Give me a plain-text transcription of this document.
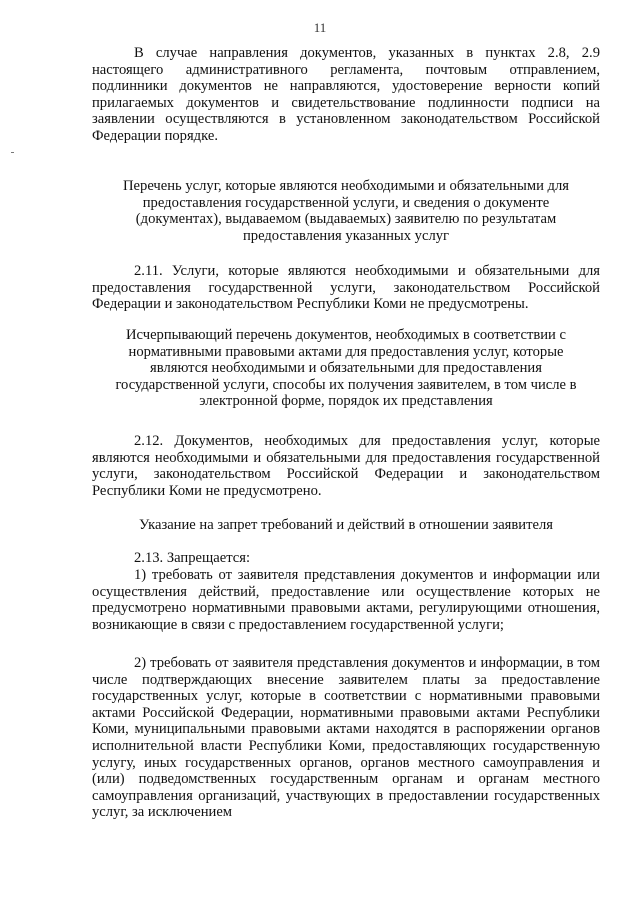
11

В случае направления документов, указанных в пунктах 2.8, 2.9 настоящего административного регламента, почтовым отправлением, подлинники документов не направляются, удостоверение верности копий прилагаемых документов и свидетельствование подлинности подписи на заявлении осуществляются в установленном законодательством Российской Федерации порядке.

Перечень услуг, которые являются необходимыми и обязательными для предоставления государственной услуги, и сведения о документе (документах), выдаваемом (выдаваемых) заявителю по результатам предоставления указанных услуг

2.11. Услуги, которые являются необходимыми и обязательными для предоставления государственной услуги, законодательством Российской Федерации и законодательством Республики Коми не предусмотрены.

Исчерпывающий перечень документов, необходимых в соответствии с нормативными правовыми актами для предоставления услуг, которые являются необходимыми и обязательными для предоставления государственной услуги, способы их получения заявителем, в том числе в электронной форме, порядок их представления

2.12. Документов, необходимых для предоставления услуг, которые являются необходимыми и обязательными для предоставления государственной услуги, законодательством Российской Федерации и законодательством Республики Коми не предусмотрено.

Указание на запрет требований и действий в отношении заявителя

2.13. Запрещается:

1) требовать от заявителя представления документов и информации или осуществления действий, предоставление или осуществление которых не предусмотрено нормативными правовыми актами, регулирующими отношения, возникающие в связи с предоставлением государственной услуги;

2) требовать от заявителя представления документов и информации, в том числе подтверждающих внесение заявителем платы за предоставление государственных услуг, которые в соответствии с нормативными правовыми актами Российской Федерации, нормативными правовыми актами Республики Коми, муниципальными правовыми актами находятся в распоряжении органов исполнительной власти Республики Коми, предоставляющих государственную услугу, иных государственных органов, органов местного самоуправления и (или) подведомственных государственным органам и органам местного самоуправления организаций, участвующих в предоставлении государственных услуг, за исключением
